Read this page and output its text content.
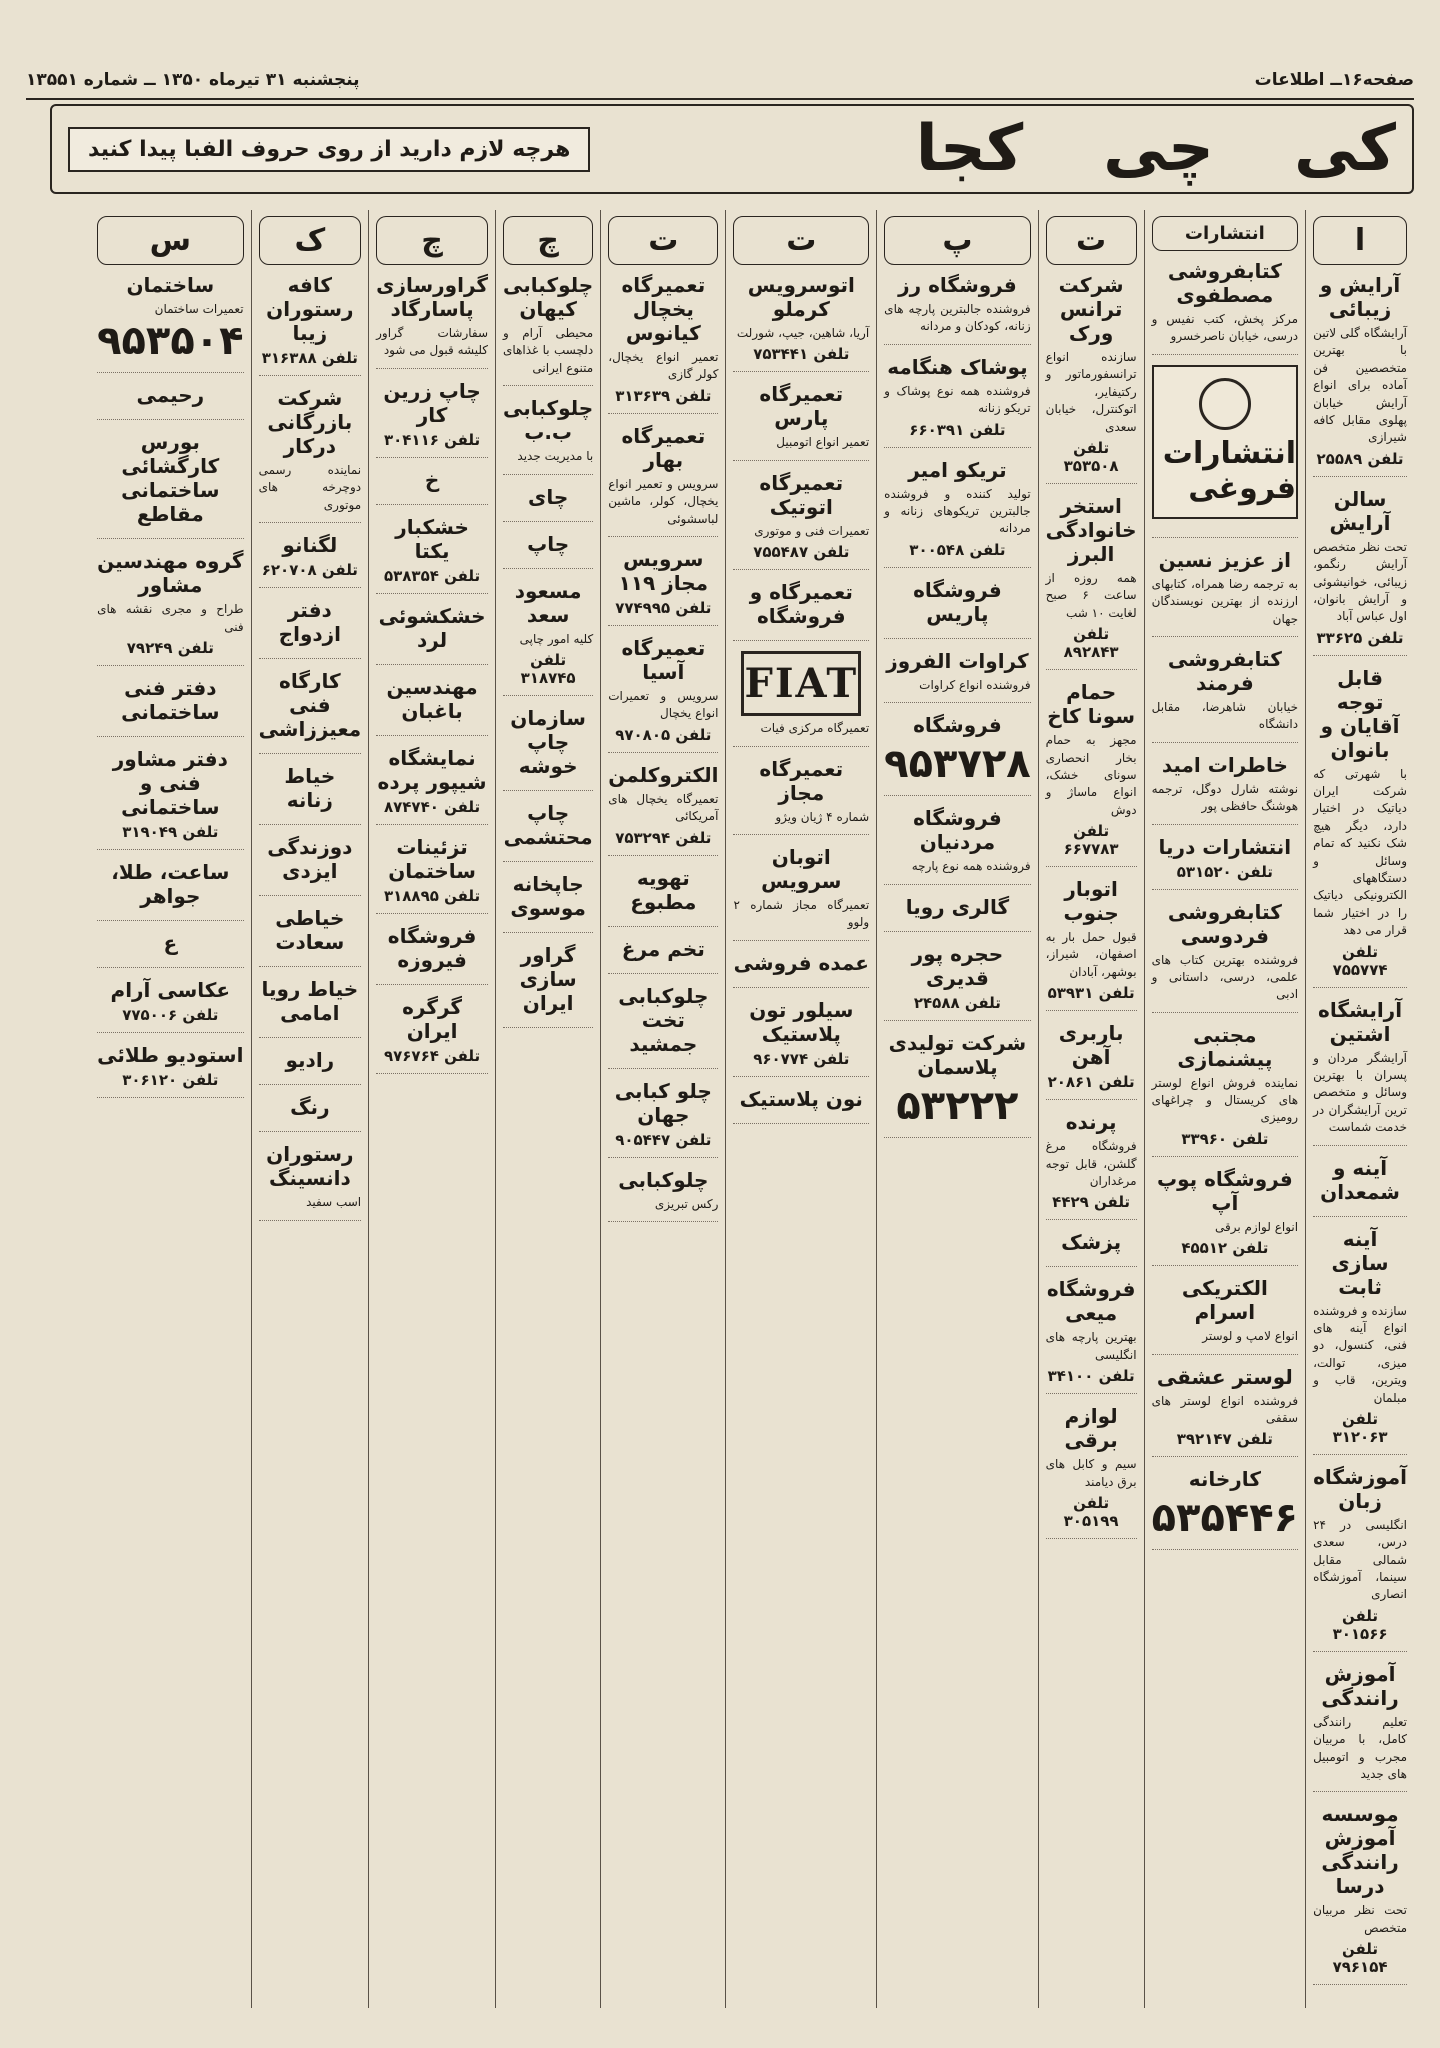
صفحه۱۶ــ اطلاعات
پنجشنبه ۳۱ تیرماه ۱۳۵۰ ــ شماره ۱۳۵۵۱
کی
چی
کجا
هرچه لازم دارید از روی حروف الفبا پیدا کنید
ا
آرایش و زیبائی
آرایشگاه گلی لاتین با بهترین متخصصین فن آماده برای انواع آرایش خیابان پهلوی مقابل کافه شیرازی
تلفن ۲۵۵۸۹
سالن آرایش
تحت نظر متخصص آرایش رنگمو، زیبائی، خوانیشوئی و آرایش بانوان، اول عباس آباد
تلفن ۳۳۶۲۵
قابل توجه آقایان و بانوان
با شهرتی که شرکت ایران دیاتیک در اختیار دارد، دیگر هیچ شک نکنید که تمام وسائل و دستگاههای الکترونیکی دیاتیک را در اختیار شما قرار می دهد
تلفن ۷۵۵۷۷۴
آرایشگاه اشتین
آرایشگر مردان و پسران با بهترین وسائل و متخصص ترین آرایشگران در خدمت شماست
آینه و شمعدان
آینه سازی ثابت
سازنده و فروشنده انواع آینه های فنی، کنسول، دو میزی، توالت، ویترین، قاب و مبلمان
تلفن ۳۱۲۰۶۳
آموزشگاه زبان
انگلیسی در ۲۴ درس، سعدی شمالی مقابل سینما، آموزشگاه انصاری
تلفن ۳۰۱۵۶۶
آموزش رانندگی
تعلیم رانندگی کامل، با مربیان مجرب و اتومبیل های جدید
موسسه آموزش رانندگی درسا
تحت نظر مربیان متخصص
تلفن ۷۹۶۱۵۴
انتشارات
کتابفروشی مصطفوی
مرکز پخش، کتب نفیس و درسی، خیابان ناصرخسرو
انتشارات فروغی
از عزیز نسین
به ترجمه رضا همراه، کتابهای ارزنده از بهترین نویسندگان جهان
کتابفروشی فرمند
خیابان شاهرضا، مقابل دانشگاه
خاطرات امید
نوشته شارل دوگل، ترجمه هوشنگ حافظی پور
انتشارات دریا
تلفن ۵۳۱۵۲۰
کتابفروشی فردوسی
فروشنده بهترین کتاب های علمی، درسی، داستانی و ادبی
مجتبی پیشنمازی
نماینده فروش انواع لوستر های کریستال و چراغهای رومیزی
تلفن ۳۳۹۶۰
فروشگاه پوپ آپ
انواع لوازم برقی
تلفن ۴۵۵۱۲
الکتریکی اسرام
انواع لامپ و لوستر
لوستر عشقی
فروشنده انواع لوستر های سقفی
تلفن ۳۹۲۱۴۷
کارخانه
۵۳۵۴۴۶
ت
شرکت ترانس ورک
سازنده انواع ترانسفورماتور و رکتیفایر، اتوکنترل، خیابان سعدی
تلفن ۳۵۳۵۰۸
استخر خانوادگی البرز
همه روزه از ساعت ۶ صبح لغایت ۱۰ شب
تلفن ۸۹۲۸۴۳
حمام سونا کاخ
مجهز به حمام بخار انحصاری سونای خشک، انواع ماساژ و دوش
تلفن ۶۶۷۷۸۳
اتوبار جنوب
قبول حمل بار به اصفهان، شیراز، بوشهر، آبادان
تلفن ۵۳۹۳۱
باربری آهن
تلفن ۲۰۸۶۱
پرنده
فروشگاه مرغ گلشن، قابل توجه مرغداران
تلفن ۴۴۲۹
پزشک
فروشگاه میعی
بهترین پارچه های انگلیسی
تلفن ۳۴۱۰۰
لوازم برقی
سیم و کابل های برق دیامند
تلفن ۳۰۵۱۹۹
پ
فروشگاه رز
فروشنده جالبترین پارچه های زنانه، کودکان و مردانه
پوشاک هنگامه
فروشنده همه نوع پوشاک و تریکو زنانه
تلفن ۶۶۰۳۹۱
تریکو امیر
تولید کننده و فروشنده جالبترین تریکوهای زنانه و مردانه
تلفن ۳۰۰۵۴۸
فروشگاه پاریس
کراوات الفروز
فروشنده انواع کراوات
فروشگاه
۹۵۳۷۲۸
فروشگاه مردنیان
فروشنده همه نوع پارچه
گالری رویا
حجره پور قدیری
تلفن ۲۴۵۸۸
شرکت تولیدی پلاسمان
۵۳۲۲۲
ت
اتوسرویس کرملو
آریا، شاهین، جیپ، شورلت
تلفن ۷۵۳۴۴۱
تعمیرگاه پارس
تعمیر انواع اتومبیل
تعمیرگاه اتوتیک
تعمیرات فنی و موتوری
تلفن ۷۵۵۴۸۷
تعمیرگاه و فروشگاه
FIAT
تعمیرگاه مرکزی فیات
تعمیرگاه مجاز
شماره ۴ ژیان ویژو
اتوبان سرویس
تعمیرگاه مجاز شماره ۲ ولوو
عمده فروشی
سیلور تون پلاستیک
تلفن ۹۶۰۷۷۴
نون پلاستیک
ت
تعمیرگاه یخچال کیانوس
تعمیر انواع یخچال، کولر گازی
تلفن ۳۱۳۶۳۹
تعمیرگاه بهار
سرویس و تعمیر انواع یخچال، کولر، ماشین لباسشوئی
سرویس مجاز ۱۱۹
تلفن ۷۷۴۹۹۵
تعمیرگاه آسیا
سرویس و تعمیرات انواع یخچال
تلفن ۹۷۰۸۰۵
الکتروکلمن
تعمیرگاه یخچال های آمریکائی
تلفن ۷۵۳۲۹۴
تهویه مطبوع
تخم مرغ
چلوکبابی تخت جمشید
چلو کبابی جهان
تلفن ۹۰۵۴۴۷
چلوکبابی
رکس تبریزی
چ
چلوکبابی کیهان
محیطی آرام و دلچسب با غذاهای متنوع ایرانی
چلوکبابی ب.ب
با مدیریت جدید
چای
چاپ
مسعود سعد
کلیه امور چاپی
تلفن ۳۱۸۷۴۵
سازمان چاپ خوشه
چاپ محتشمی
جاپخانه موسوی
گراور سازی ایران
چ
گراورسازی پاسارگاد
سفارشات گراور کلیشه قبول می شود
چاپ زرین کار
تلفن ۳۰۴۱۱۶
خ
خشکبار یکتا
تلفن ۵۳۸۳۵۴
خشکشوئی لرد
مهندسین باغبان
نمایشگاه شیپور پرده
تلفن ۸۷۴۷۴۰
تزئینات ساختمان
تلفن ۳۱۸۸۹۵
فروشگاه فیروزه
گرگره ایران
تلفن ۹۷۶۷۶۴
ک
کافه رستوران زیبا
تلفن ۳۱۶۳۸۸
شرکت بازرگانی درکار
نماینده رسمی دوچرخه های موتوری
لگنانو
تلفن ۶۲۰۷۰۸
دفتر ازدواج
کارگاه فنی معیززاشی
خیاط زنانه
دوزندگی ایزدی
خیاطی سعادت
خیاط رویا امامی
رادیو
رنگ
رستوران دانسینگ
اسب سفید
س
ساختمان
تعمیرات ساختمان
۹۵۳۵۰۴
رحیمی
بورس کارگشائی ساختمانی مقاطع
گروه مهندسین مشاور
طراح و مجری نقشه های فنی
تلفن ۷۹۲۴۹
دفتر فنی ساختمانی
دفتر مشاور فنی و ساختمانی
تلفن ۳۱۹۰۴۹
ساعت، طلا، جواهر
ع
عکاسی آرام
تلفن ۷۷۵۰۰۶
استودیو طلائی
تلفن ۳۰۶۱۲۰
